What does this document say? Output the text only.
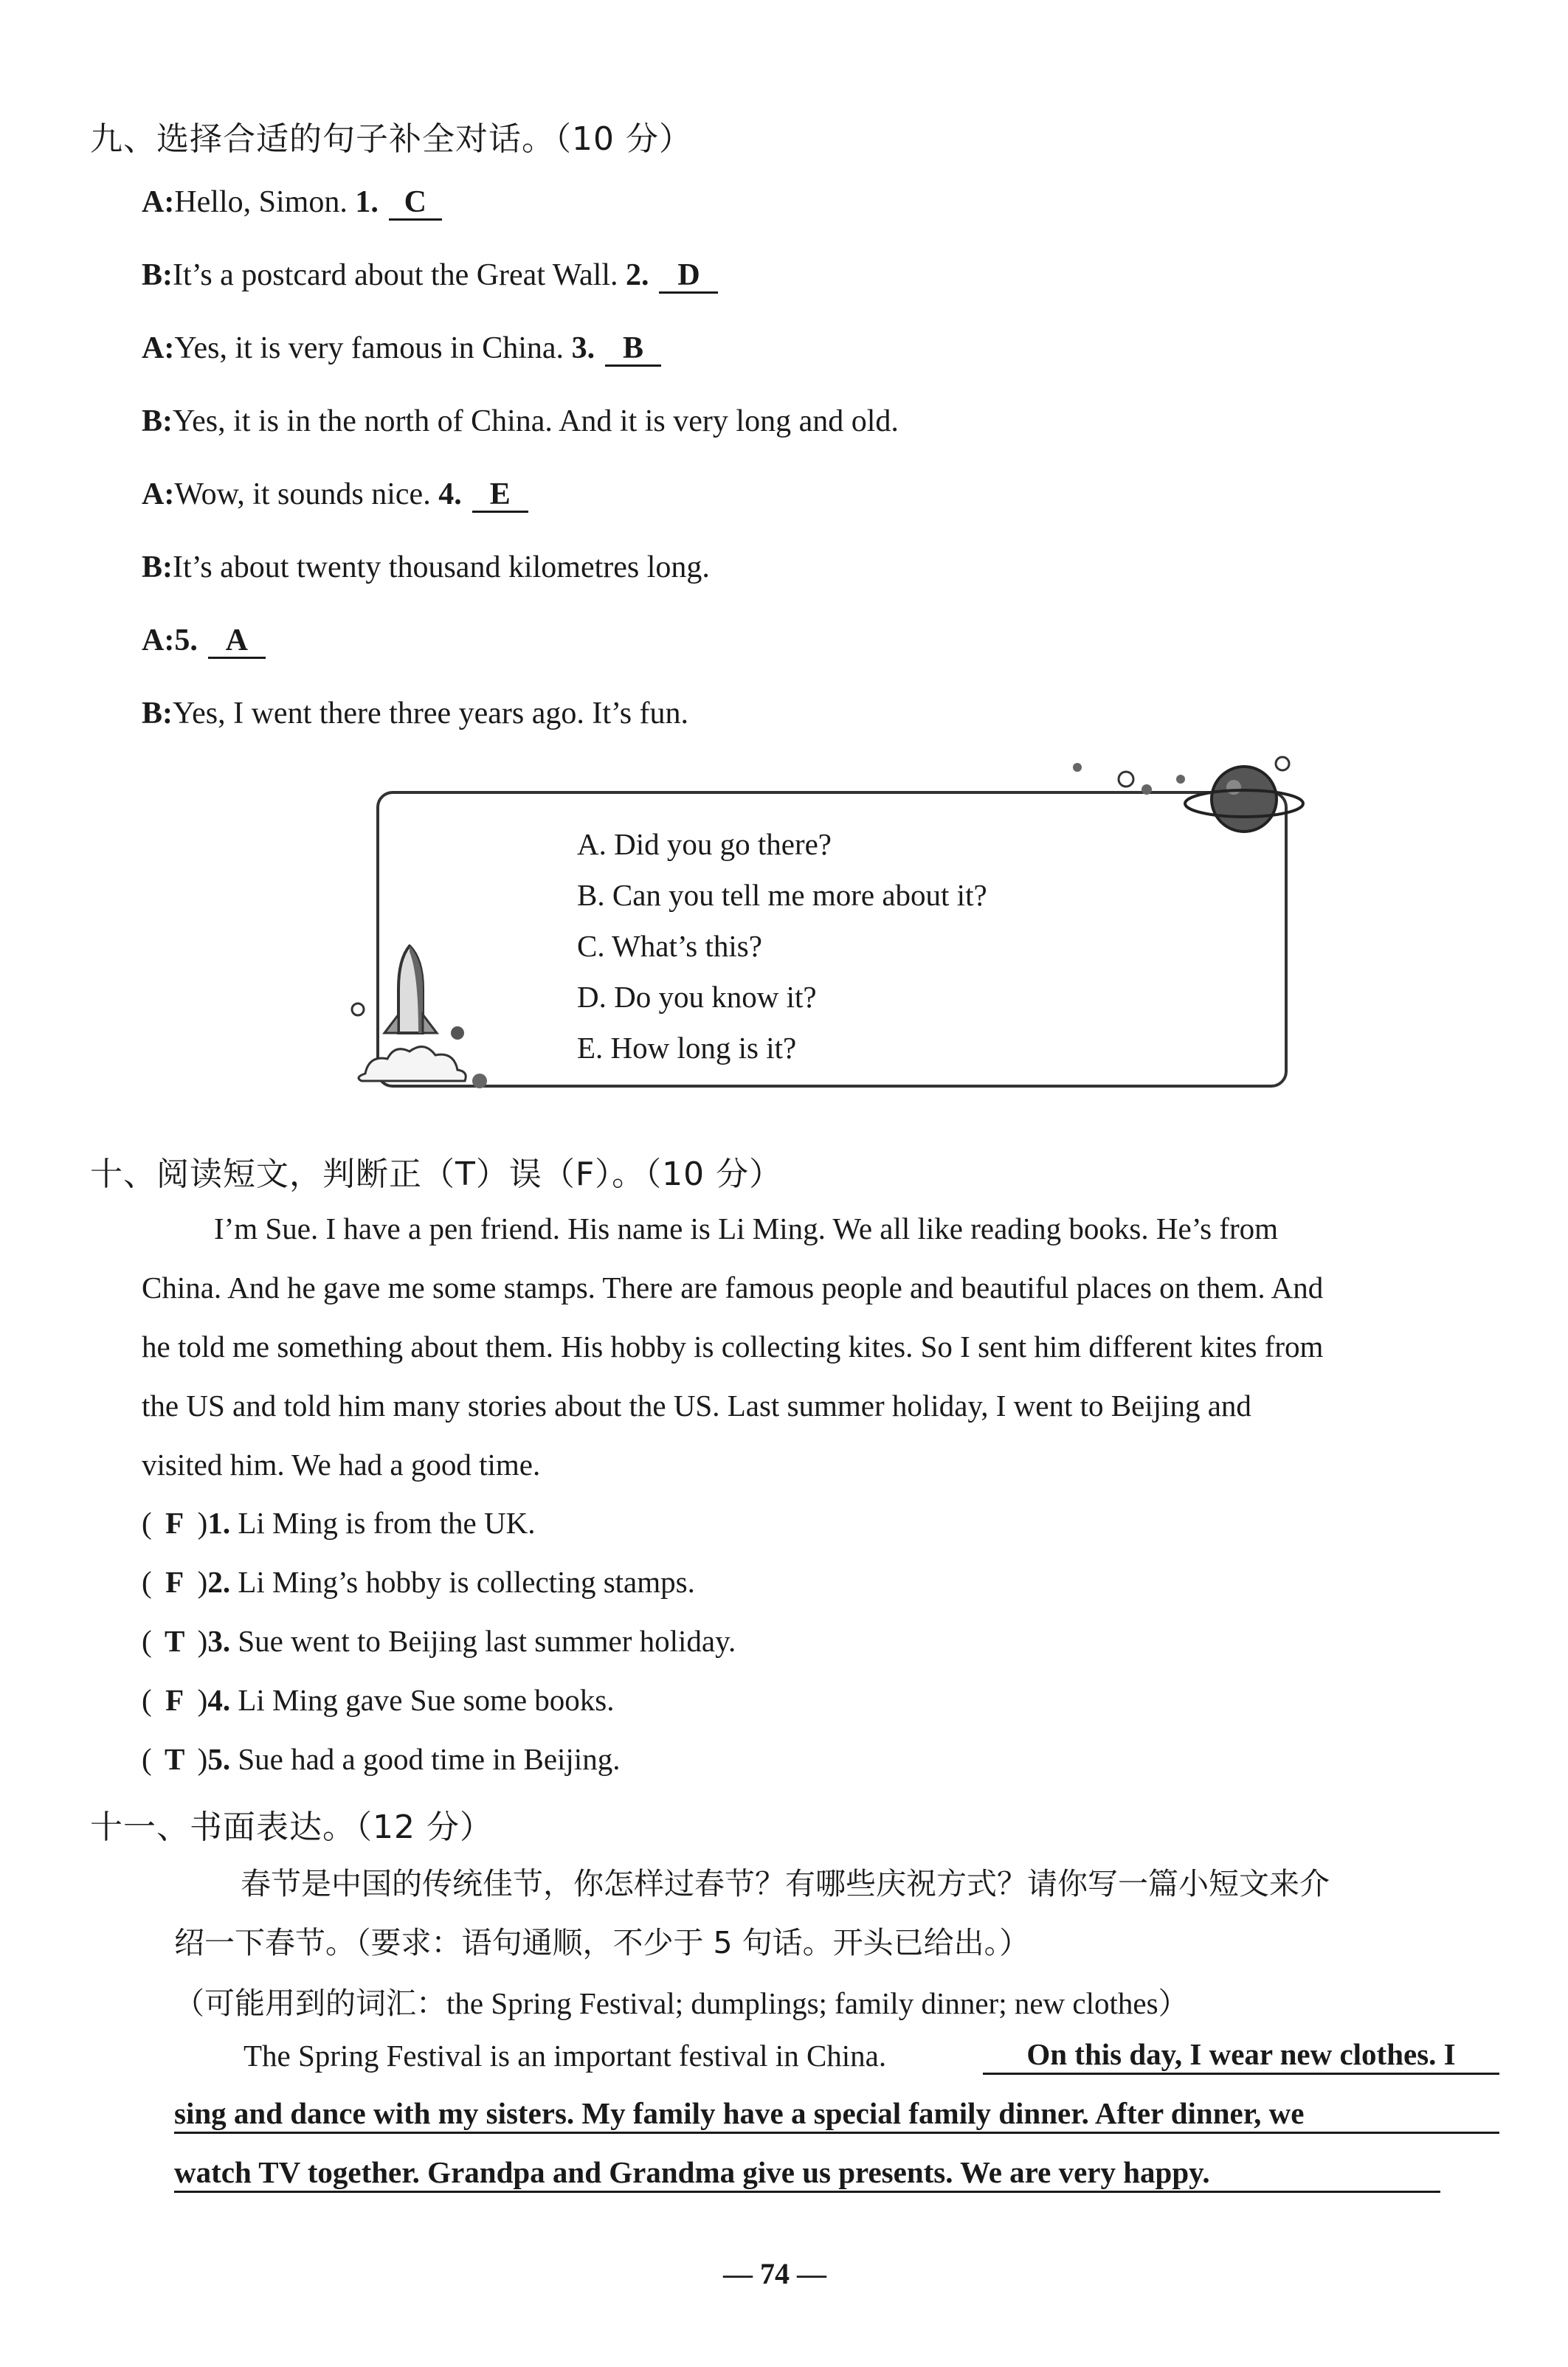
九、选择合适的句子补全对话。（10 分）
A:Hello, Simon. 1. C
B:It’s a postcard about the Great Wall. 2. D
A:Yes, it is very famous in China. 3. B
B:Yes, it is in the north of China. And it is very long and old.
A:Wow, it sounds nice. 4. E
B:It’s about twenty thousand kilometres long.
A:5. A
B:Yes, I went there three years ago. It’s fun.
A. Did you go there?
B. Can you tell me more about it?
C. What’s this?
D. Do you know it?
E. How long is it?
十、阅读短文，判断正（T）误（F）。（10 分）
I’m Sue. I have a pen friend. His name is Li Ming. We all like reading books. He’s from
China. And he gave me some stamps. There are famous people and beautiful places on them. And
he told me something about them. His hobby is collecting kites. So I sent him different kites from
the US and told him many stories about the US. Last summer holiday, I went to Beijing and
visited him. We had a good time.
( F )1. Li Ming is from the UK.
( F )2. Li Ming’s hobby is collecting stamps.
( T )3. Sue went to Beijing last summer holiday.
( F )4. Li Ming gave Sue some books.
( T )5. Sue had a good time in Beijing.
十一、书面表达。（12 分）
春节是中国的传统佳节，你怎样过春节？有哪些庆祝方式？请你写一篇小短文来介
绍一下春节。（要求：语句通顺，不少于 5 句话。开头已给出。）
（可能用到的词汇：the Spring Festival; dumplings; family dinner; new clothes）
The Spring Festival is an important festival in China.	On this day, I wear new clothes. I
sing and dance with my sisters. My family have a special family dinner. After dinner, we
watch TV together. Grandpa and Grandma give us presents. We are very happy.
— 74 —
